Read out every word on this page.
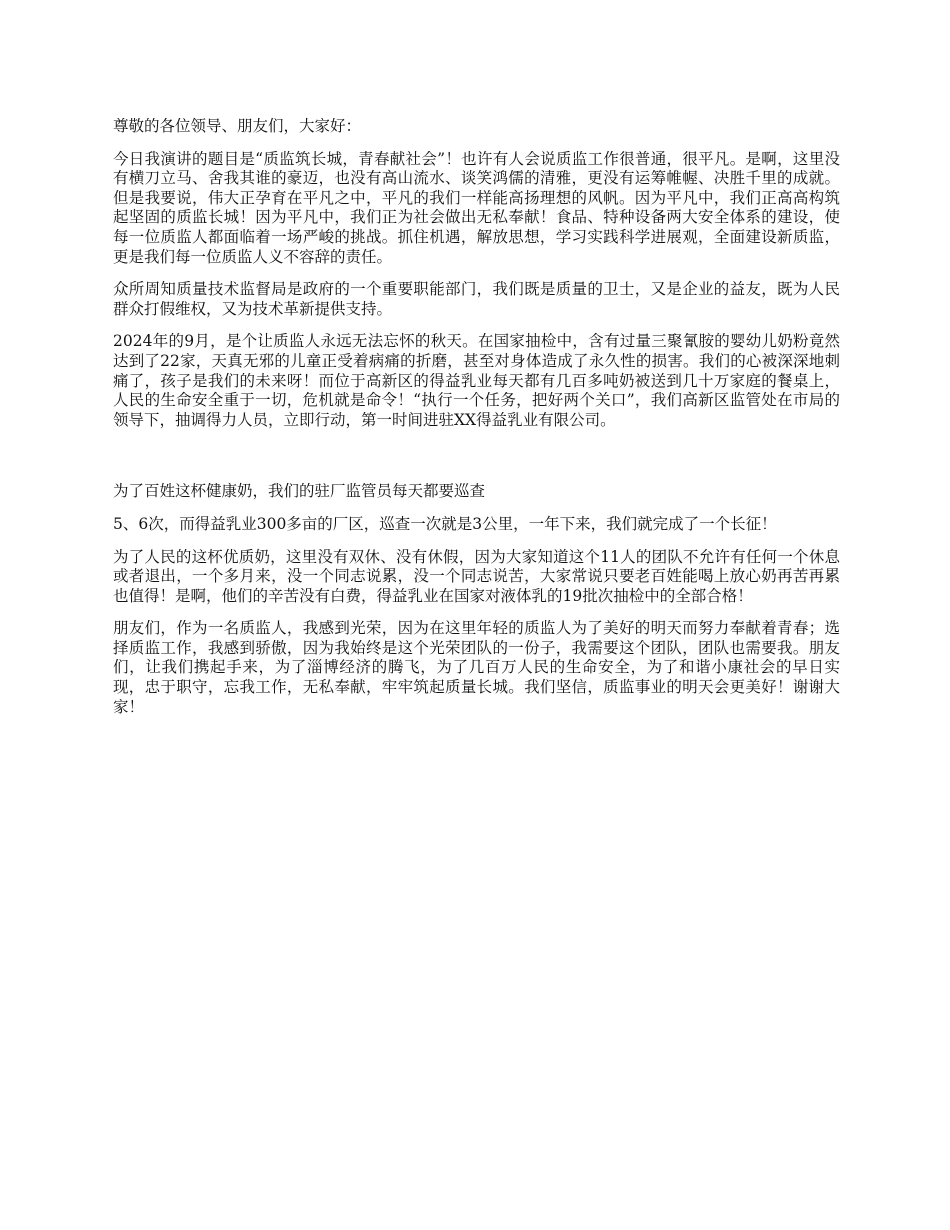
尊敬的各位领导、朋友们，大家好：

今日我演讲的题目是“质监筑长城，青春献社会”！也许有人会说质监工作很普通，很平凡。是啊，这里没有横刀立马、舍我其谁的豪迈，也没有高山流水、谈笑鸿儒的清雅，更没有运筹帷幄、决胜千里的成就。但是我要说，伟大正孕育在平凡之中，平凡的我们一样能高扬理想的风帆。因为平凡中，我们正高高构筑起坚固的质监长城！因为平凡中，我们正为社会做出无私奉献！食品、特种设备两大安全体系的建设，使每一位质监人都面临着一场严峻的挑战。抓住机遇，解放思想，学习实践科学进展观，全面建设新质监，更是我们每一位质监人义不容辞的责任。

众所周知质量技术监督局是政府的一个重要职能部门，我们既是质量的卫士，又是企业的益友，既为人民群众打假维权，又为技术革新提供支持。

2024年的9月，是个让质监人永远无法忘怀的秋天。在国家抽检中，含有过量三聚氰胺的婴幼儿奶粉竟然达到了22家，天真无邪的儿童正受着病痛的折磨，甚至对身体造成了永久性的损害。我们的心被深深地刺痛了，孩子是我们的未来呀！而位于高新区的得益乳业每天都有几百多吨奶被送到几十万家庭的餐桌上，人民的生命安全重于一切，危机就是命令！“执行一个任务，把好两个关口”，我们高新区监管处在市局的领导下，抽调得力人员，立即行动，第一时间进驻XX得益乳业有限公司。

为了百姓这杯健康奶，我们的驻厂监管员每天都要巡查

5、6次，而得益乳业300多亩的厂区，巡查一次就是3公里，一年下来，我们就完成了一个长征！

为了人民的这杯优质奶，这里没有双休、没有休假，因为大家知道这个11人的团队不允许有任何一个休息或者退出，一个多月来，没一个同志说累，没一个同志说苦，大家常说只要老百姓能喝上放心奶再苦再累也值得！是啊，他们的辛苦没有白费，得益乳业在国家对液体乳的19批次抽检中的全部合格！

朋友们，作为一名质监人，我感到光荣，因为在这里年轻的质监人为了美好的明天而努力奉献着青春；选择质监工作，我感到骄傲，因为我始终是这个光荣团队的一份子，我需要这个团队，团队也需要我。朋友们，让我们携起手来，为了淄博经济的腾飞，为了几百万人民的生命安全，为了和谐小康社会的早日实现，忠于职守，忘我工作，无私奉献，牢牢筑起质量长城。我们坚信，质监事业的明天会更美好！谢谢大家！
